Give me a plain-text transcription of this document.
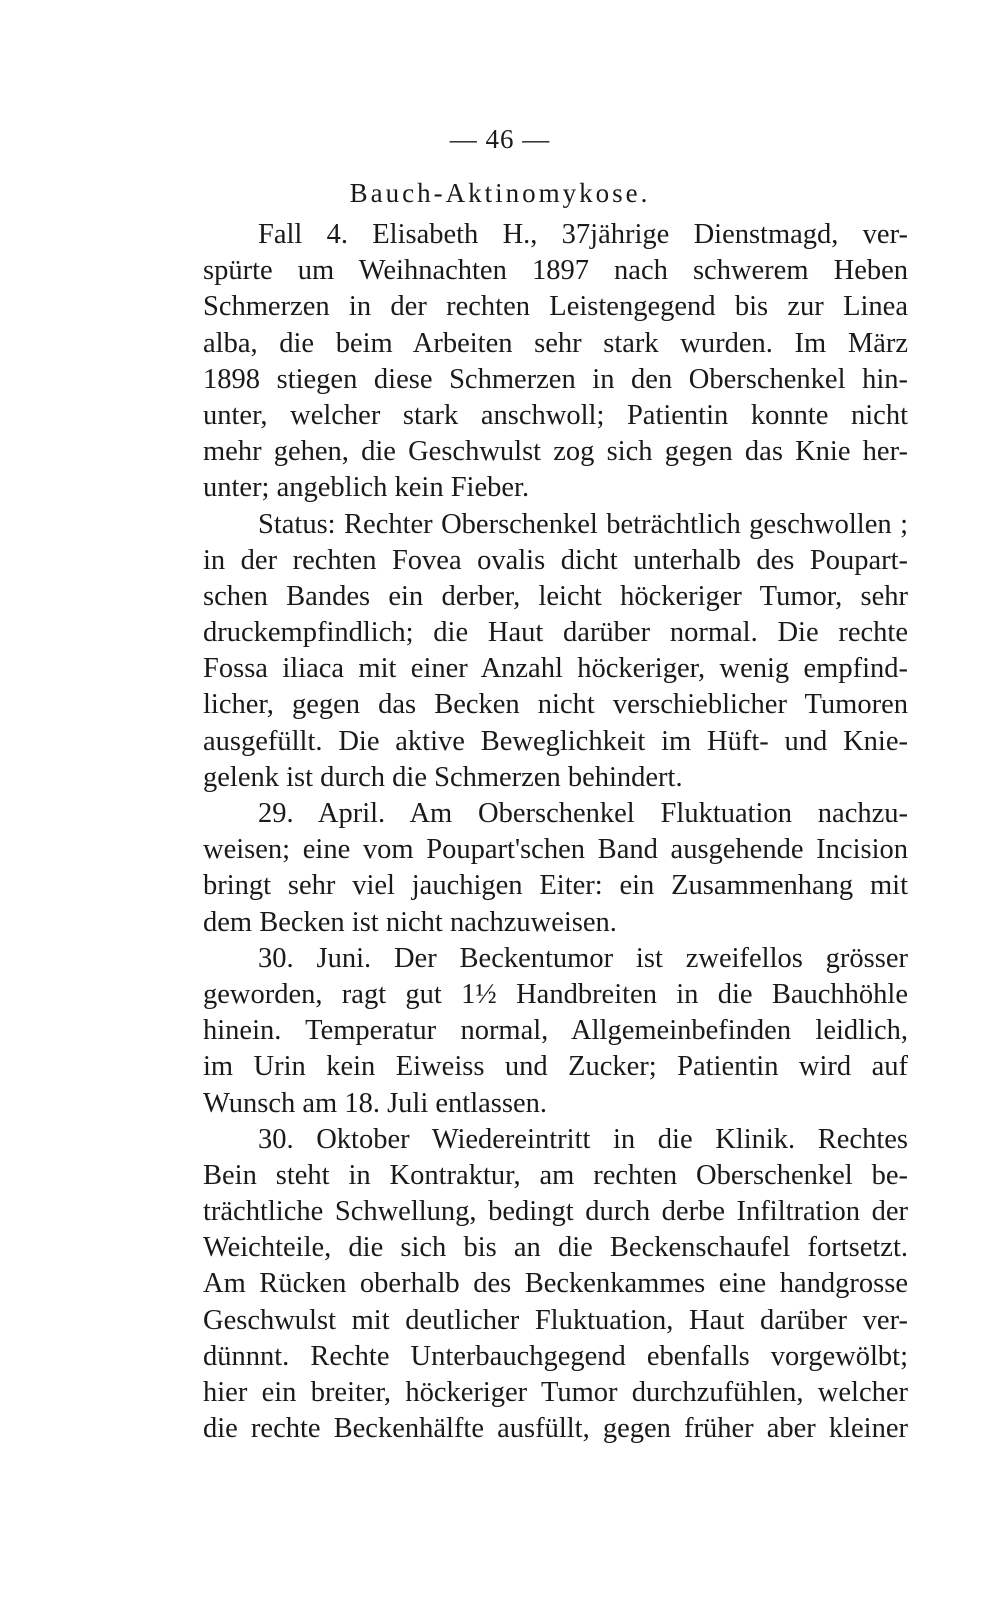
— 46 —
Bauch-Aktinomykose.
Fall 4. Elisabeth H., 37jährige Dienstmagd, ver-
spürte um Weihnachten 1897 nach schwerem Heben
Schmerzen in der rechten Leistengegend bis zur Linea
alba, die beim Arbeiten sehr stark wurden. Im März
1898 stiegen diese Schmerzen in den Oberschenkel hin-
unter, welcher stark anschwoll; Patientin konnte nicht
mehr gehen, die Geschwulst zog sich gegen das Knie her-
unter; angeblich kein Fieber.
Status: Rechter Oberschenkel beträchtlich geschwollen ;
in der rechten Fovea ovalis dicht unterhalb des Poupart-
schen Bandes ein derber, leicht höckeriger Tumor, sehr
druckempfindlich; die Haut darüber normal. Die rechte
Fossa iliaca mit einer Anzahl höckeriger, wenig empfind-
licher, gegen das Becken nicht verschieblicher Tumoren
ausgefüllt. Die aktive Beweglichkeit im Hüft- und Knie-
gelenk ist durch die Schmerzen behindert.
29. April. Am Oberschenkel Fluktuation nachzu-
weisen; eine vom Poupart'schen Band ausgehende Incision
bringt sehr viel jauchigen Eiter: ein Zusammenhang mit
dem Becken ist nicht nachzuweisen.
30. Juni. Der Beckentumor ist zweifellos grösser
geworden, ragt gut 1½ Handbreiten in die Bauchhöhle
hinein. Temperatur normal, Allgemeinbefinden leidlich,
im Urin kein Eiweiss und Zucker; Patientin wird auf
Wunsch am 18. Juli entlassen.
30. Oktober Wiedereintritt in die Klinik. Rechtes
Bein steht in Kontraktur, am rechten Oberschenkel be-
trächtliche Schwellung, bedingt durch derbe Infiltration der
Weichteile, die sich bis an die Beckenschaufel fortsetzt.
Am Rücken oberhalb des Beckenkammes eine handgrosse
Geschwulst mit deutlicher Fluktuation, Haut darüber ver-
dünnnt. Rechte Unterbauchgegend ebenfalls vorgewölbt;
hier ein breiter, höckeriger Tumor durchzufühlen, welcher
die rechte Beckenhälfte ausfüllt, gegen früher aber kleiner
